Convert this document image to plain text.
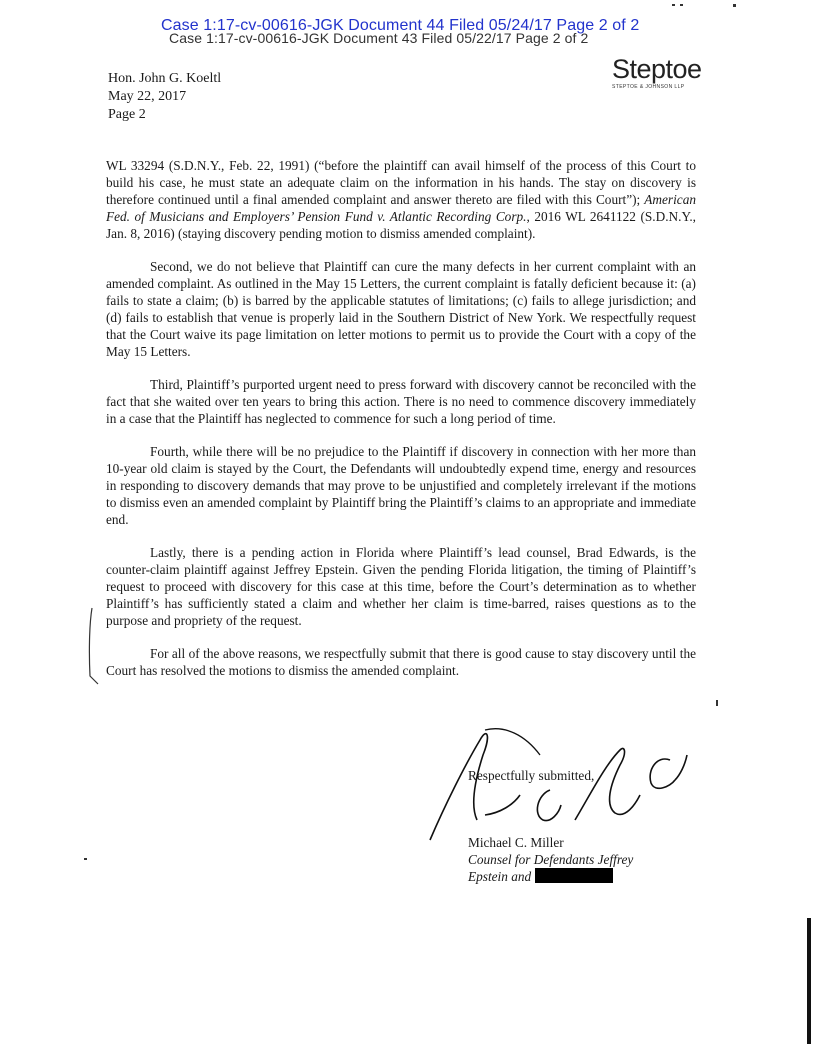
Case 1:17-cv-00616-JGK Document 44 Filed 05/24/17 Page 2 of 2
Case 1:17-cv-00616-JGK Document 43 Filed 05/22/17 Page 2 of 2
Steptoe
STEPTOE & JOHNSON LLP
Hon. John G. Koeltl
May 22, 2017
Page 2

WL 33294 (S.D.N.Y., Feb. 22, 1991) (“before the plaintiff can avail himself of the process of this Court to build his case, he must state an adequate claim on the information in his hands. The stay on discovery is therefore continued until a final amended complaint and answer thereto are filed with this Court”); American Fed. of Musicians and Employers’ Pension Fund v. Atlantic Recording Corp., 2016 WL 2641122 (S.D.N.Y., Jan. 8, 2016) (staying discovery pending motion to dismiss amended complaint).

Second, we do not believe that Plaintiff can cure the many defects in her current complaint with an amended complaint. As outlined in the May 15 Letters, the current complaint is fatally deficient because it: (a) fails to state a claim; (b) is barred by the applicable statutes of limitations; (c) fails to allege jurisdiction; and (d) fails to establish that venue is properly laid in the Southern District of New York. We respectfully request that the Court waive its page limitation on letter motions to permit us to provide the Court with a copy of the May 15 Letters.

Third, Plaintiff’s purported urgent need to press forward with discovery cannot be reconciled with the fact that she waited over ten years to bring this action. There is no need to commence discovery immediately in a case that the Plaintiff has neglected to commence for such a long period of time.

Fourth, while there will be no prejudice to the Plaintiff if discovery in connection with her more than 10-year old claim is stayed by the Court, the Defendants will undoubtedly expend time, energy and resources in responding to discovery demands that may prove to be unjustified and completely irrelevant if the motions to dismiss even an amended complaint by Plaintiff bring the Plaintiff’s claims to an appropriate and immediate end.

Lastly, there is a pending action in Florida where Plaintiff’s lead counsel, Brad Edwards, is the counter-claim plaintiff against Jeffrey Epstein. Given the pending Florida litigation, the timing of Plaintiff’s request to proceed with discovery for this case at this time, before the Court’s determination as to whether Plaintiff’s has sufficiently stated a claim and whether her claim is time-barred, raises questions as to the purpose and propriety of the request.

For all of the above reasons, we respectfully submit that there is good cause to stay discovery until the Court has resolved the motions to dismiss the amended complaint.

Respectfully submitted,
Michael C. Miller
Counsel for Defendants Jeffrey
Epstein and
